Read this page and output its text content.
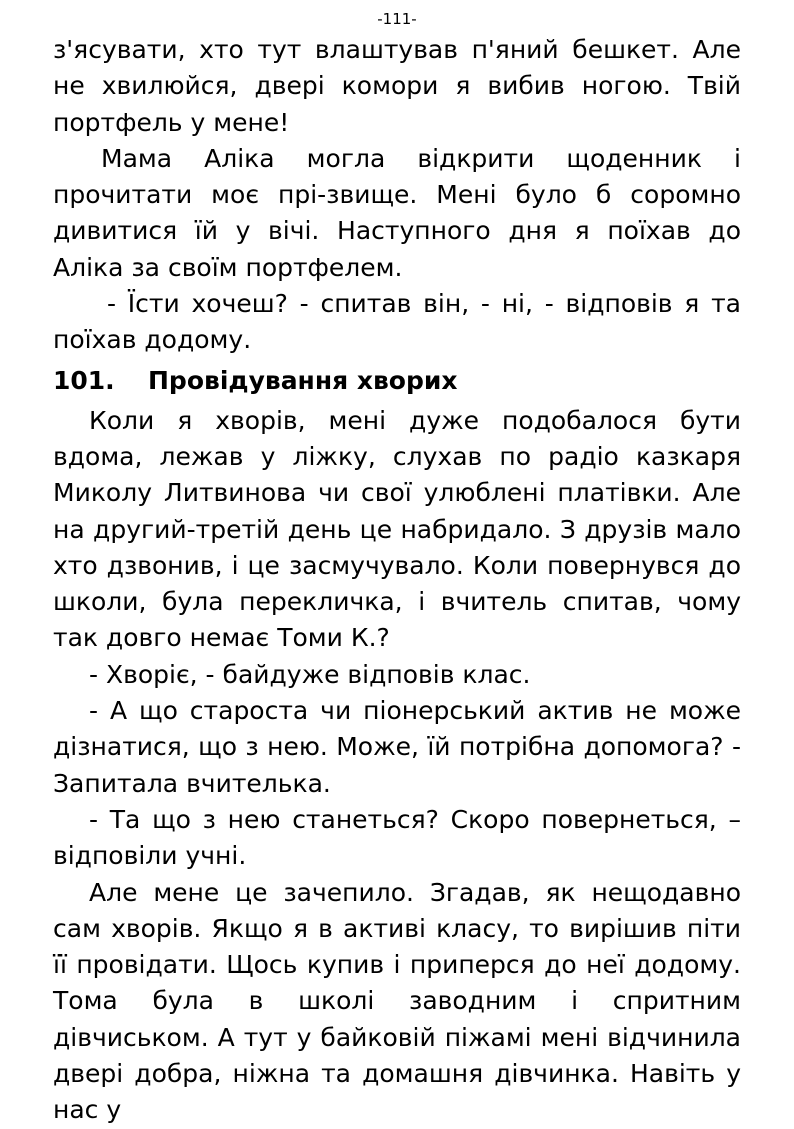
-111-

з'ясувати, хто тут влаштував п'яний бешкет. Але не хвилюйся, двері комори я вибив ногою. Твій портфель у мене!

Мама Аліка могла відкрити щоденник і прочитати моє прі-звище. Мені було б соромно дивитися їй у вічі. Наступного дня я поїхав до Аліка за своїм портфелем.

- Їсти хочеш? - спитав він, - ні, - відповів я та поїхав додому.

101. Провідування хворих

Коли я хворів, мені дуже подобалося бути вдома, лежав у ліжку, слухав по радіо казкаря Миколу Литвинова чи свої улюблені платівки. Але на другий-третій день це набридало. З друзів мало хто дзвонив, і це засмучувало. Коли повернувся до школи, була перекличка, і вчитель спитав, чому так довго немає Томи К.?

- Хворіє, - байдуже відповів клас.

- А що староста чи піонерський актив не може дізнатися, що з нею. Може, їй потрібна допомога? - Запитала вчителька.

- Та що з нею станеться? Скоро повернеться, – відповіли учні.

Але мене це зачепило. Згадав, як нещодавно сам хворів. Якщо я в активі класу, то вирішив піти її провідати. Щось купив і приперся до неї додому. Тома була в школі заводним і спритним дівчиськом. А тут у байковій піжамі мені відчинила двері добра, ніжна та домашня дівчинка. Навіть у нас у
